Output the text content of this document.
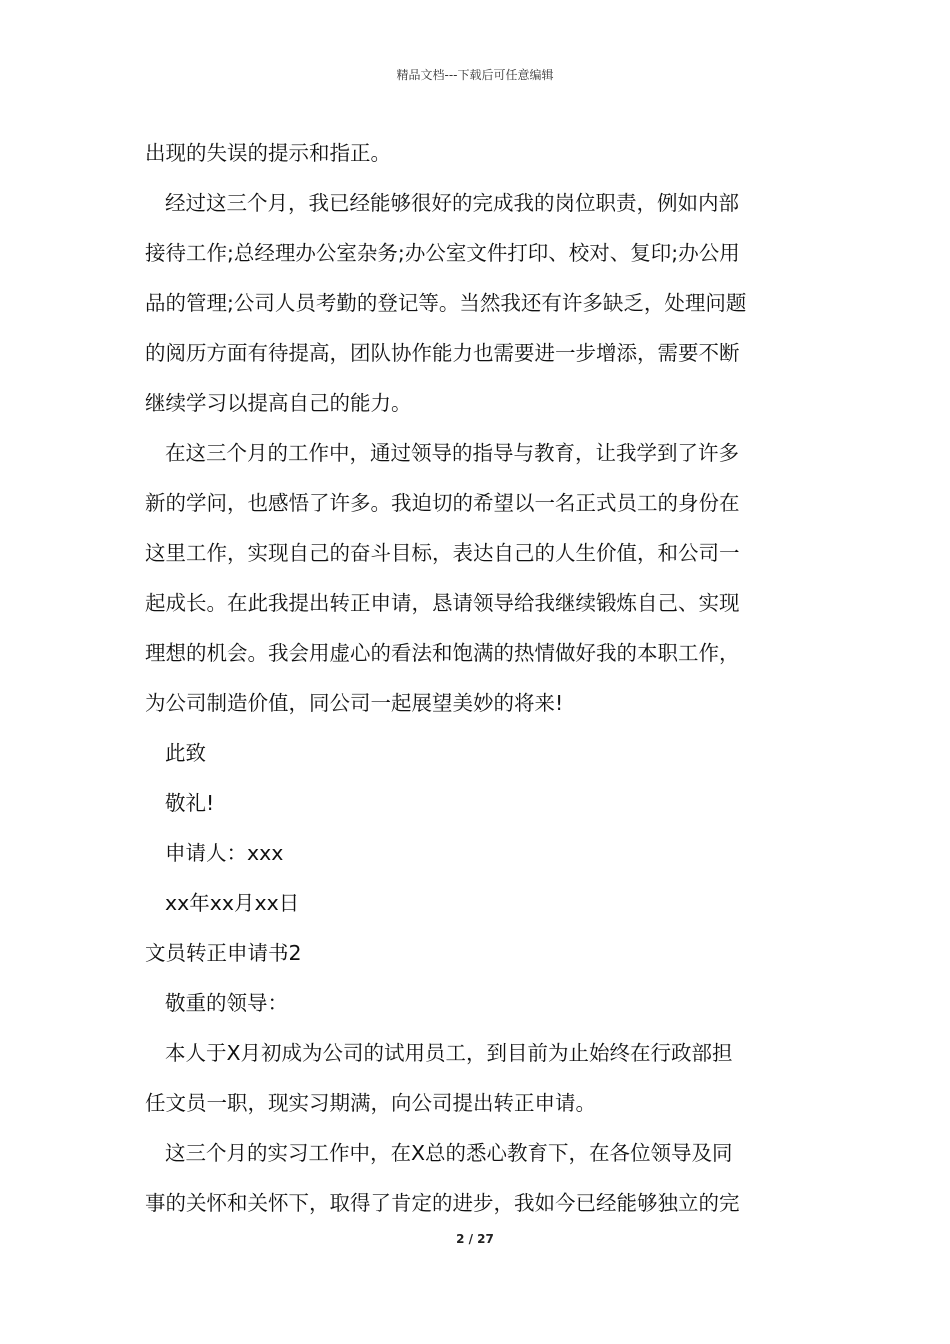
精品文档---下载后可任意编辑
出现的失误的提示和指正。
经过这三个月，我已经能够很好的完成我的岗位职责，例如内部
接待工作;总经理办公室杂务;办公室文件打印、校对、复印;办公用
品的管理;公司人员考勤的登记等。当然我还有许多缺乏，处理问题
的阅历方面有待提高，团队协作能力也需要进一步增添，需要不断
继续学习以提高自己的能力。
在这三个月的工作中，通过领导的指导与教育，让我学到了许多
新的学问，也感悟了许多。我迫切的希望以一名正式员工的身份在
这里工作，实现自己的奋斗目标，表达自己的人生价值，和公司一
起成长。在此我提出转正申请，恳请领导给我继续锻炼自己、实现
理想的机会。我会用虚心的看法和饱满的热情做好我的本职工作，
为公司制造价值，同公司一起展望美妙的将来!
此致
敬礼!
申请人：xxx
xx年xx月xx日
文员转正申请书2
敬重的领导：
本人于X月初成为公司的试用员工，到目前为止始终在行政部担
任文员一职，现实习期满，向公司提出转正申请。
这三个月的实习工作中，在X总的悉心教育下，在各位领导及同
事的关怀和关怀下，取得了肯定的进步，我如今已经能够独立的完
2 / 27
